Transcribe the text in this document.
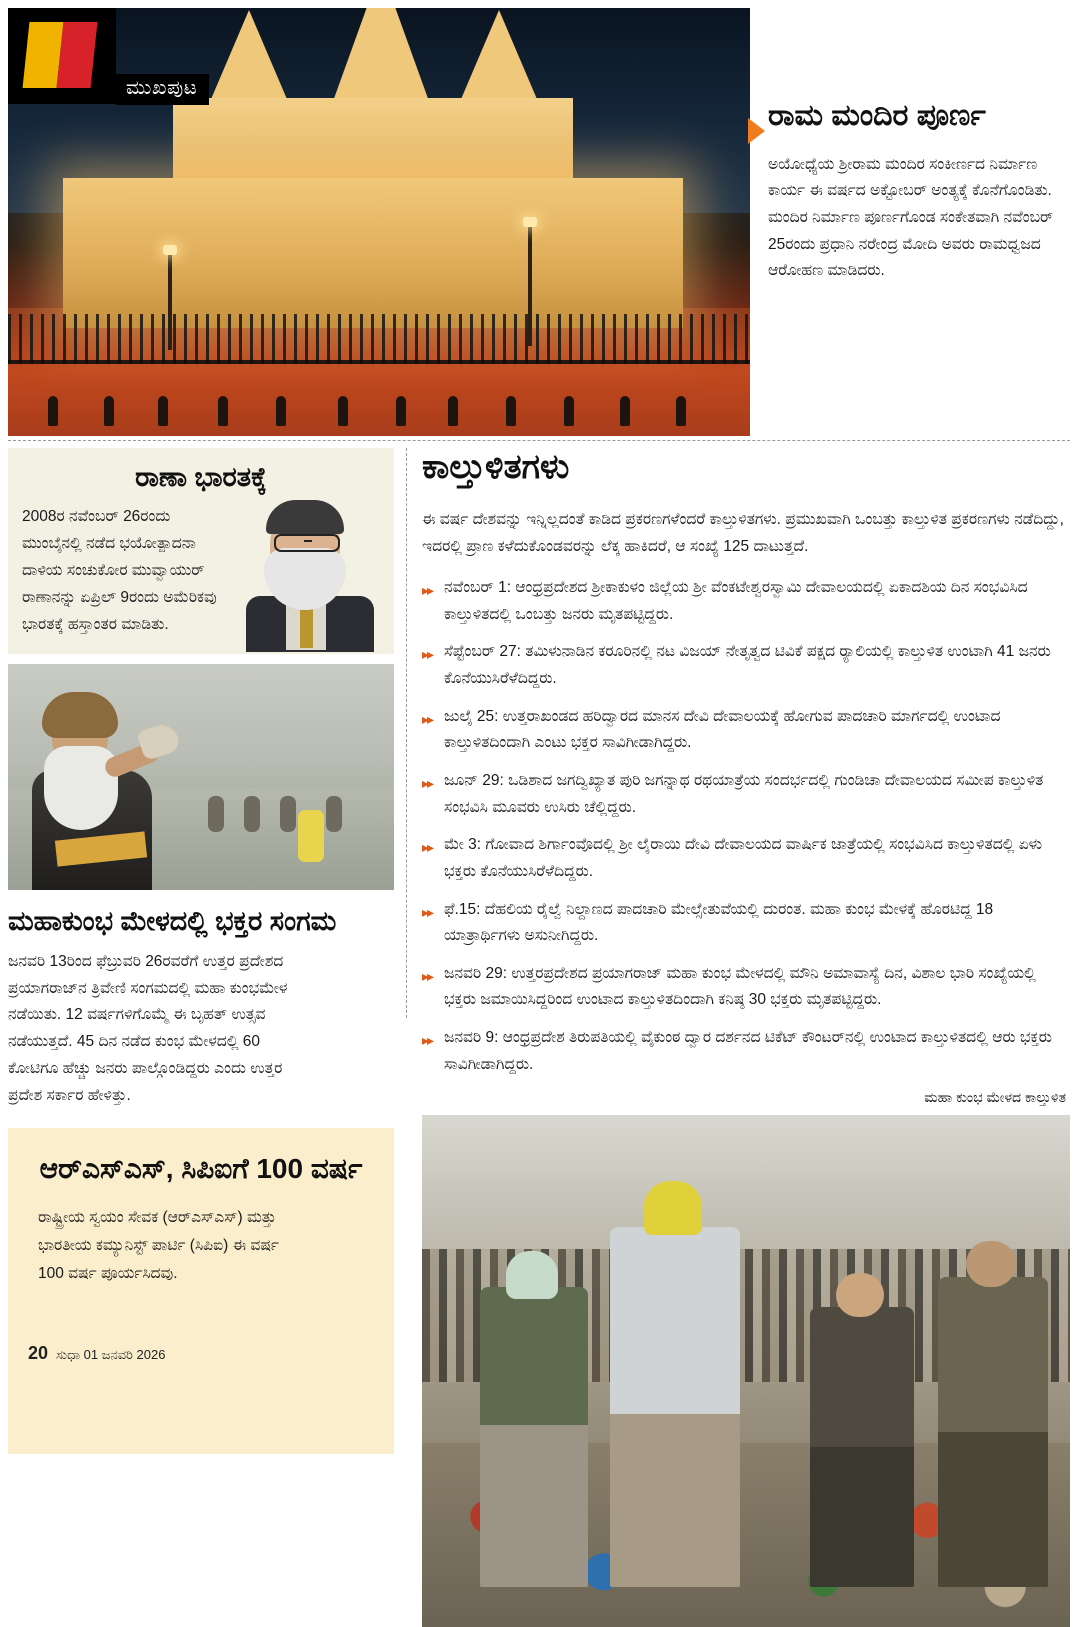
ಮುಖಪುಟ
ರಾಮ ಮಂದಿರ ಪೂರ್ಣ

ಅಯೋಧ್ಯೆಯ ಶ್ರೀರಾಮ ಮಂದಿರ ಸಂಕೀರ್ಣದ ನಿರ್ಮಾಣ ಕಾರ್ಯ ಈ ವರ್ಷದ ಅಕ್ಟೋಬರ್ ಅಂತ್ಯಕ್ಕೆ ಕೊನೆಗೊಂಡಿತು. ಮಂದಿರ ನಿರ್ಮಾಣ ಪೂರ್ಣಗೊಂಡ ಸಂಕೇತವಾಗಿ ನವೆಂಬರ್ 25ರಂದು ಪ್ರಧಾನಿ ನರೇಂದ್ರ ಮೋದಿ ಅವರು ರಾಮಧ್ವಜದ ಆರೋಹಣ ಮಾಡಿದರು.

ರಾಣಾ ಭಾರತಕ್ಕೆ
2008ರ ನವೆಂಬರ್ 26ರಂದು ಮುಂಬೈನಲ್ಲಿ ನಡೆದ ಭಯೋತ್ಪಾದನಾ ದಾಳಿಯ ಸಂಚುಕೋರ ಮುವ್ವಾಯುರ್ ರಾಣಾನನ್ನು ಏಪ್ರಿಲ್ 9ರಂದು ಅಮೆರಿಕವು ಭಾರತಕ್ಕೆ ಹಸ್ತಾಂತರ ಮಾಡಿತು.
ಮಹಾಕುಂಭ ಮೇಳದಲ್ಲಿ ಭಕ್ತರ ಸಂಗಮ
ಜನವರಿ 13ರಿಂದ ಫೆಬ್ರುವರಿ 26ರವರೆಗೆ ಉತ್ತರ ಪ್ರದೇಶದ ಪ್ರಯಾಗರಾಜ್‌ನ ತ್ರಿವೇಣಿ ಸಂಗಮದಲ್ಲಿ ಮಹಾ ಕುಂಭಮೇಳ ನಡೆಯಿತು. 12 ವರ್ಷಗಳಿಗೊಮ್ಮೆ ಈ ಬೃಹತ್ ಉತ್ಸವ ನಡೆಯುತ್ತದೆ. 45 ದಿನ ನಡೆದ ಕುಂಭ ಮೇಳದಲ್ಲಿ 60 ಕೋಟಿಗೂ ಹೆಚ್ಚು ಜನರು ಪಾಲ್ಗೊಂಡಿದ್ದರು ಎಂದು ಉತ್ತರ ಪ್ರದೇಶ ಸರ್ಕಾರ ಹೇಳಿತ್ತು.
ಆರ್‌ಎಸ್‌ಎಸ್, ಸಿಪಿಐಗೆ 100 ವರ್ಷ
ರಾಷ್ಟ್ರೀಯ ಸ್ವಯಂ ಸೇವಕ (ಆರ್‌ಎಸ್‌ಎಸ್) ಮತ್ತು ಭಾರತೀಯ ಕಮ್ಯುನಿಸ್ಟ್ ಪಾರ್ಟಿ (ಸಿಪಿಐ) ಈ ವರ್ಷ 100 ವರ್ಷ ಪೂರ್ಯಸಿದವು.
20 ಸುಧಾ 01 ಜನವರಿ 2026
ಕಾಲ್ತುಳಿತಗಳು

ಈ ವರ್ಷ ದೇಶವನ್ನು ಇನ್ನಿಲ್ಲದಂತೆ ಕಾಡಿದ ಪ್ರಕರಣಗಳೆಂದರೆ ಕಾಲ್ತುಳಿತಗಳು. ಪ್ರಮುಖವಾಗಿ ಒಂಬತ್ತು ಕಾಲ್ತುಳಿತ ಪ್ರಕರಣಗಳು ನಡೆದಿದ್ದು, ಇದರಲ್ಲಿ ಪ್ರಾಣ ಕಳೆದುಕೊಂಡವರನ್ನು ಲೆಕ್ಕ ಹಾಕಿದರೆ, ಆ ಸಂಖ್ಯೆ 125 ದಾಟುತ್ತದೆ.

▸▸ ನವೆಂಬರ್ 1: ಆಂಧ್ರಪ್ರದೇಶದ ಶ್ರೀಕಾಕುಳಂ ಜಿಲ್ಲೆಯ ಶ್ರೀ ವೆಂಕಟೇಶ್ವರಸ್ವಾಮಿ ದೇವಾಲಯದಲ್ಲಿ ಏಕಾದಶಿಯ ದಿನ ಸಂಭವಿಸಿದ ಕಾಲ್ತುಳಿತದಲ್ಲಿ ಒಂಬತ್ತು ಜನರು ಮೃತಪಟ್ಟಿದ್ದರು.
▸▸ ಸೆಪ್ಟೆಂಬರ್ 27: ತಮಿಳುನಾಡಿನ ಕರೂರಿನಲ್ಲಿ ನಟ ವಿಜಯ್ ನೇತೃತ್ವದ ಟಿವಿಕೆ ಪಕ್ಷದ ರ್‍ಯಾಲಿಯಲ್ಲಿ ಕಾಲ್ತುಳಿತ ಉಂಟಾಗಿ 41 ಜನರು ಕೊನೆಯುಸಿರೆಳೆದಿದ್ದರು.
▸▸ ಜುಲೈ 25: ಉತ್ತರಾಖಂಡದ ಹರಿದ್ವಾರದ ಮಾನಸ ದೇವಿ ದೇವಾಲಯಕ್ಕೆ ಹೋಗುವ ಪಾದಚಾರಿ ಮಾರ್ಗದಲ್ಲಿ ಉಂಟಾದ ಕಾಲ್ತುಳಿತದಿಂದಾಗಿ ಎಂಟು ಭಕ್ತರ ಸಾವಿಗೀಡಾಗಿದ್ದರು.
▸▸ ಜೂನ್ 29: ಒಡಿಶಾದ ಜಗದ್ವಿಖ್ಯಾತ ಪುರಿ ಜಗನ್ನಾಥ ರಥಯಾತ್ರೆಯ ಸಂದರ್ಭದಲ್ಲಿ ಗುಂಡಿಚಾ ದೇವಾಲಯದ ಸಮೀಪ ಕಾಲ್ತುಳಿತ ಸಂಭವಿಸಿ ಮೂವರು ಉಸಿರು ಚೆಲ್ಲಿದ್ದರು.
▸▸ ಮೇ 3: ಗೋವಾದ ಶಿರ್ಗಾಂವೊದಲ್ಲಿ ಶ್ರೀ ಲೈರಾಯಿ ದೇವಿ ದೇವಾಲಯದ ವಾರ್ಷಿಕ ಜಾತ್ರೆಯಲ್ಲಿ ಸಂಭವಿಸಿದ ಕಾಲ್ತುಳಿತದಲ್ಲಿ ಏಳು ಭಕ್ತರು ಕೊನೆಯುಸಿರೆಳೆದಿದ್ದರು.
▸▸ ಫೆ.15: ದೆಹಲಿಯ ರೈಲ್ವೆ ನಿಲ್ದಾಣದ ಪಾದಚಾರಿ ಮೇಲ್ಸೇತುವೆಯಲ್ಲಿ ದುರಂತ. ಮಹಾ ಕುಂಭ ಮೇಳಕ್ಕೆ ಹೊರಟಿದ್ದ 18 ಯಾತ್ರಾರ್ಥಿಗಳು ಅಸುನೀಗಿದ್ದರು.
▸▸ ಜನವರಿ 29: ಉತ್ತರಪ್ರದೇಶದ ಪ್ರಯಾಗರಾಜ್ ಮಹಾ ಕುಂಭ ಮೇಳದಲ್ಲಿ ಮೌನಿ ಅಮಾವಾಸ್ಯೆ ದಿನ, ವಿಶಾಲ ಭಾರಿ ಸಂಖ್ಯೆಯಲ್ಲಿ ಭಕ್ತರು ಜಮಾಯಿಸಿದ್ದರಿಂದ ಉಂಟಾದ ಕಾಲ್ತುಳಿತದಿಂದಾಗಿ ಕನಿಷ್ಠ 30 ಭಕ್ತರು ಮೃತಪಟ್ಟಿದ್ದರು.
▸▸ ಜನವರಿ 9: ಆಂಧ್ರಪ್ರದೇಶ ತಿರುಪತಿಯಲ್ಲಿ ವೈಕುಂಠ ದ್ವಾರ ದರ್ಶನದ ಟಿಕೆಟ್ ಕೌಂಟರ್‌ನಲ್ಲಿ ಉಂಟಾದ ಕಾಲ್ತುಳಿತದಲ್ಲಿ ಆರು ಭಕ್ತರು ಸಾವಿಗೀಡಾಗಿದ್ದರು.
ಮಹಾ ಕುಂಭ ಮೇಳದ ಕಾಲ್ತುಳಿತ
